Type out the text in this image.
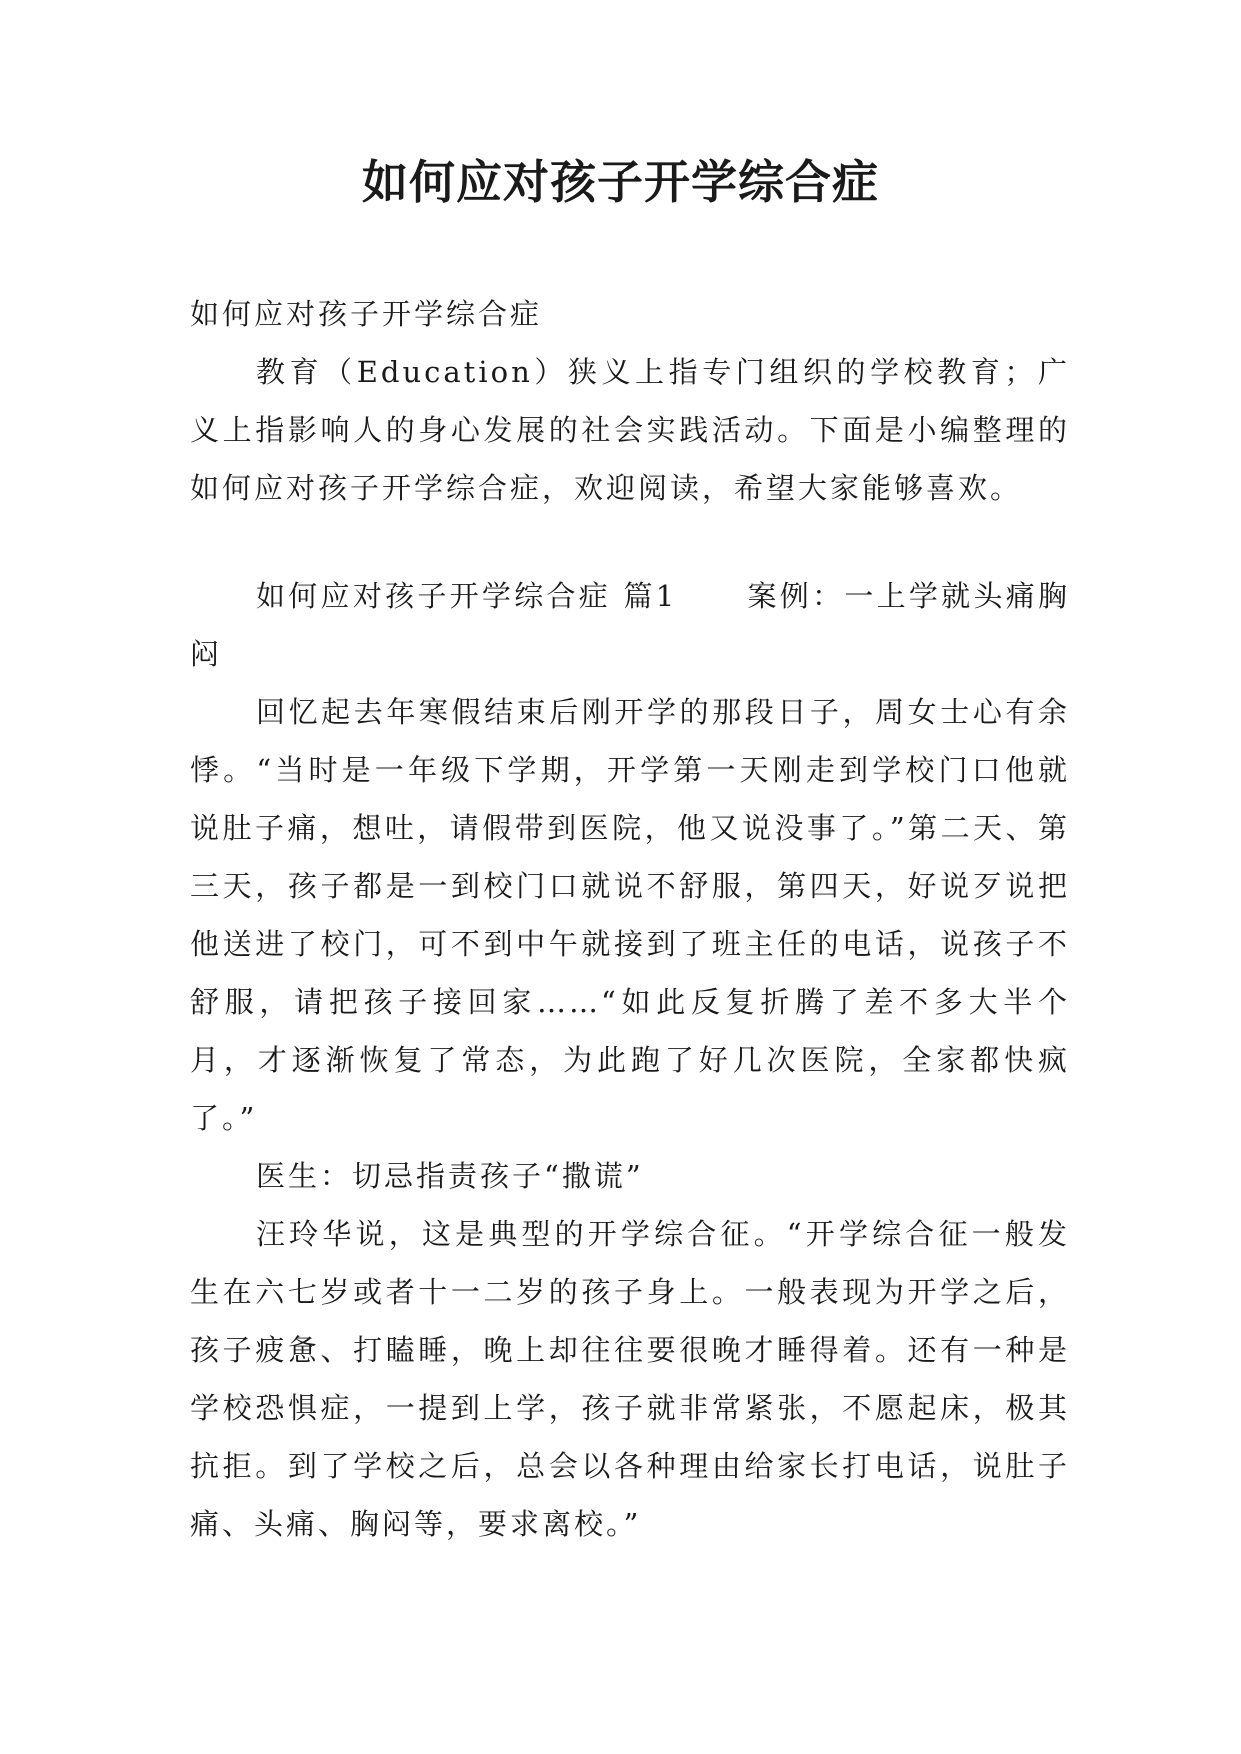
如何应对孩子开学综合症

如何应对孩子开学综合症

教育（Education）狭义上指专门组织的学校教育；广义上指影响人的身心发展的社会实践活动。下面是小编整理的如何应对孩子开学综合症，欢迎阅读，希望大家能够喜欢。

如何应对孩子开学综合症 篇1 案例：一上学就头痛胸闷

回忆起去年寒假结束后刚开学的那段日子，周女士心有余悸。“当时是一年级下学期，开学第一天刚走到学校门口他就说肚子痛，想吐，请假带到医院，他又说没事了。”第二天、第三天，孩子都是一到校门口就说不舒服，第四天，好说歹说把他送进了校门，可不到中午就接到了班主任的电话，说孩子不舒服，请把孩子接回家……“如此反复折腾了差不多大半个月，才逐渐恢复了常态，为此跑了好几次医院，全家都快疯了。”

医生：切忌指责孩子“撒谎”

汪玲华说，这是典型的开学综合征。“开学综合征一般发生在六七岁或者十一二岁的孩子身上。一般表现为开学之后，孩子疲惫、打瞌睡，晚上却往往要很晚才睡得着。还有一种是学校恐惧症，一提到上学，孩子就非常紧张，不愿起床，极其抗拒。到了学校之后，总会以各种理由给家长打电话，说肚子痛、头痛、胸闷等，要求离校。”
